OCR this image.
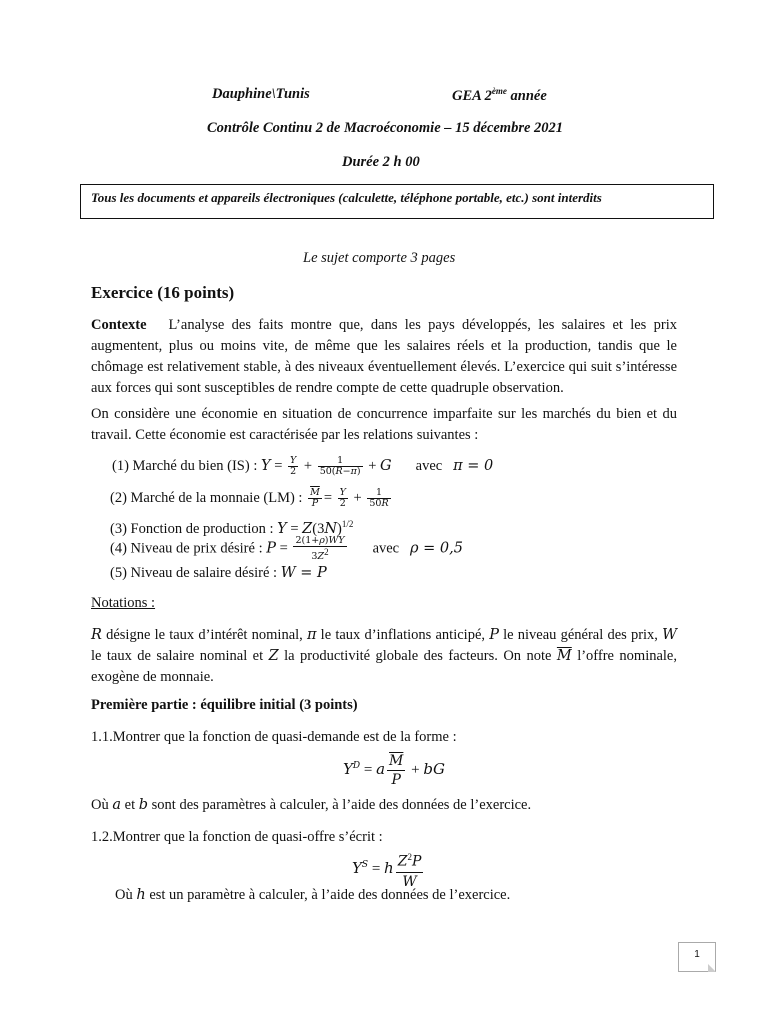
Dauphine\Tunis	GEA 2ème année
Contrôle Continu 2 de Macroéconomie – 15 décembre 2021
Durée 2 h 00
Tous les documents et appareils électroniques (calculette, téléphone portable, etc.) sont interdits
Le sujet comporte 3 pages
Exercice (16 points)
Contexte L’analyse des faits montre que, dans les pays développés, les salaires et les prix augmentent, plus ou moins vite, de même que les salaires réels et la production, tandis que le chômage est relativement stable, à des niveaux éventuellement élevés. L’exercice qui suit s’intéresse aux forces qui sont susceptibles de rendre compte de cette quadruple observation.
On considère une économie en situation de concurrence imparfaite sur les marchés du bien et du travail. Cette économie est caractérisée par les relations suivantes :
(1) Marché du bien (IS) : $Y = \frac{Y}{2} + \frac{1}{50(R-\pi)} + G$ avec π = 0
(2) Marché de la monnaie (LM) : $\frac{\overline{M}}{P} = \frac{Y}{2} + \frac{1}{50R}$
(3) Fonction de production : $Y = Z(3N)^{1/2}$
(4) Niveau de prix désiré : $P = \frac{2(1+\rho)WY}{3Z^2}$ avec ρ = 0,5
(5) Niveau de salaire désiré : W = P
Notations :
R désigne le taux d’intérêt nominal, π le taux d’inflations anticipé, P le niveau général des prix, W le taux de salaire nominal et Z la productivité globale des facteurs. On note $\overline{M}$ l’offre nominale, exogène de monnaie.
Première partie : équilibre initial (3 points)
1.1.Montrer que la fonction de quasi-demande est de la forme :
$Y^D = a \frac{\overline{M}}{P}$ + bG
Où a et b sont des paramètres à calculer, à l’aide des données de l’exercice.
1.2.Montrer que la fonction de quasi-offre s’écrit :
$Y^S = h \frac{Z^2P}{W}$
Où h est un paramètre à calculer, à l’aide des données de l’exercice.
1
